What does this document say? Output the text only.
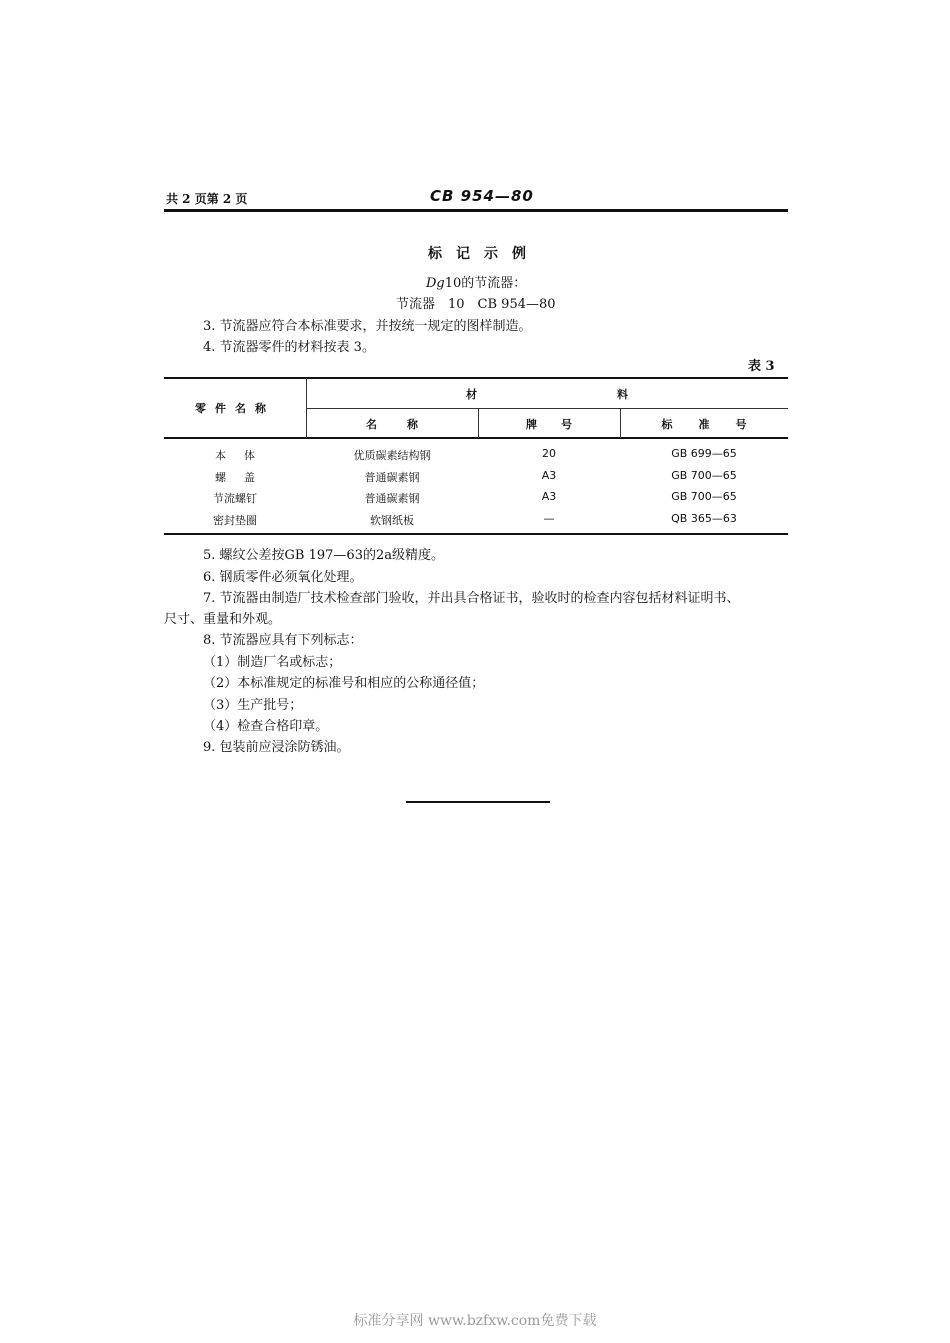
共 2 页第 2 页	CB 954—80
标记示例
Dg10的节流器：
节流器　10　CB 954—80
3. 节流器应符合本标准要求，并按统一规定的图样制造。
4. 节流器零件的材料按表 3。
表 3
零件名称
材料
名称	牌号	标准号
本体	优质碳素结构钢	20	GB 699—65
螺盖	普通碳素钢	A3	GB 700—65
节流螺钉	普通碳素钢	A3	GB 700—65
密封垫圈	软钢纸板	—	QB 365—63
5. 螺纹公差按GB 197—63的2a级精度。
6. 钢质零件必须氧化处理。
7. 节流器由制造厂技术检查部门验收，并出具合格证书，验收时的检查内容包括材料证明书、
尺寸、重量和外观。
8. 节流器应具有下列标志：
（1）制造厂名或标志；
（2）本标准规定的标准号和相应的公称通径值；
（3）生产批号；
（4）检查合格印章。
9. 包装前应浸涂防锈油。
标准分享网 www.bzfxw.com免费下载
